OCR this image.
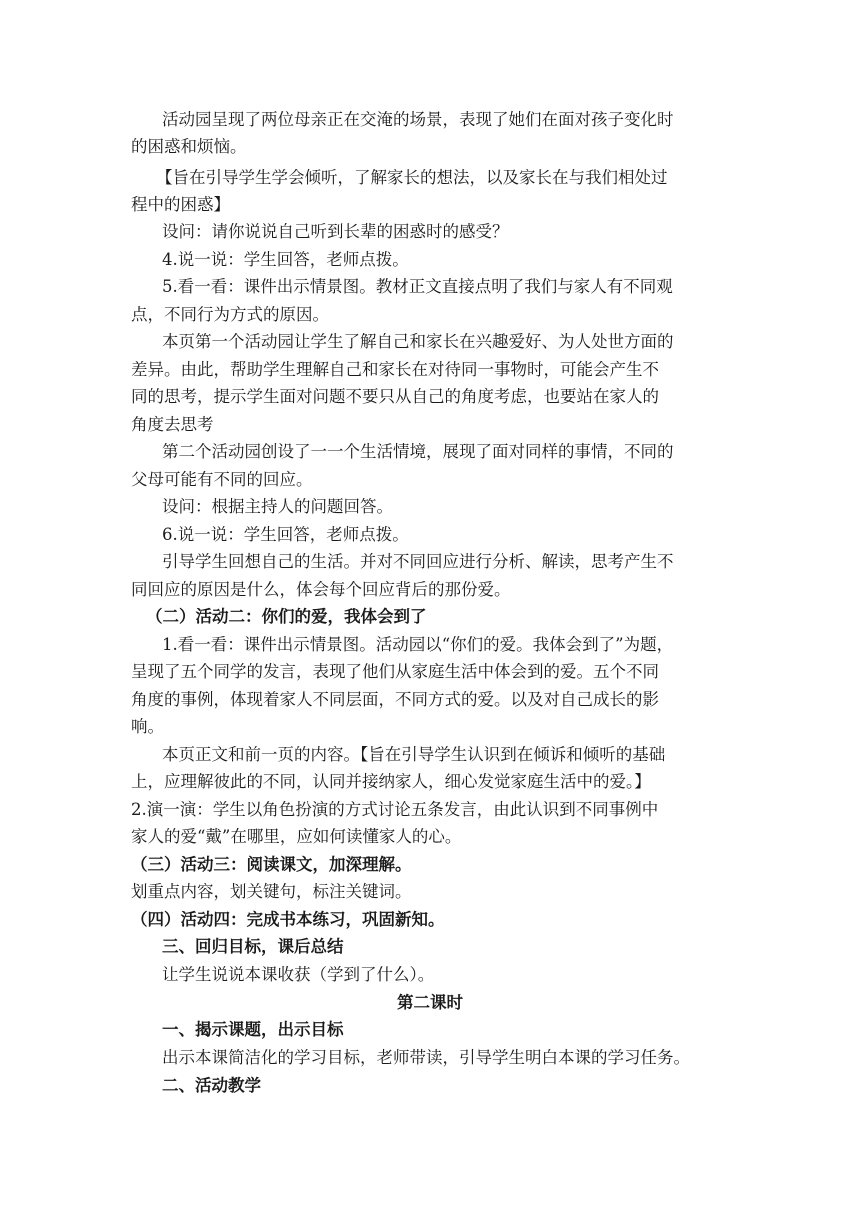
活动园呈现了两位母亲正在交淹的场景，表现了她们在面对孩子变化时
的困惑和烦恼。
【旨在引导学生学会倾听，了解家长的想法，以及家长在与我们相处过
程中的困惑】
设问：请你说说自己听到长辈的困惑时的感受？
4.说一说：学生回答，老师点拨。
5.看一看：课件出示情景图。教材正文直接点明了我们与家人有不同观
点，不同行为方式的原因。
本页第一个活动园让学生了解自己和家长在兴趣爱好、为人处世方面的
差异。由此，帮助学生理解自己和家长在对待同一事物时，可能会产生不
同的思考，提示学生面对问题不要只从自己的角度考虑，也要站在家人的
角度去思考
第二个活动园创设了一一个生活情境，展现了面对同样的事情，不同的
父母可能有不同的回应。
设问：根据主持人的问题回答。
6.说一说：学生回答，老师点拨。
引导学生回想自己的生活。并对不同回应进行分析、解读，思考产生不
同回应的原因是什么，体会每个回应背后的那份爱。
（二）活动二：你们的爱，我体会到了
1.看一看：课件出示情景图。活动园以“你们的爱。我体会到了”为题，
呈现了五个同学的发言，表现了他们从家庭生活中体会到的爱。五个不同
角度的事例，体现着家人不同层面，不同方式的爱。以及对自己成长的影
响。
本页正文和前一页的内容。【旨在引导学生认识到在倾诉和倾听的基础
上，应理解彼此的不同，认同并接纳家人，细心发觉家庭生活中的爱。】
2.演一演：学生以角色扮演的方式讨论五条发言，由此认识到不同事例中
家人的爱“戴”在哪里，应如何读懂家人的心。
（三）活动三：阅读课文，加深理解。
划重点内容，划关键句，标注关键词。
（四）活动四：完成书本练习，巩固新知。
三、回归目标，课后总结
让学生说说本课收获（学到了什么）。
第二课时
一、揭示课题，出示目标
出示本课简洁化的学习目标，老师带读，引导学生明白本课的学习任务。
二、活动教学
